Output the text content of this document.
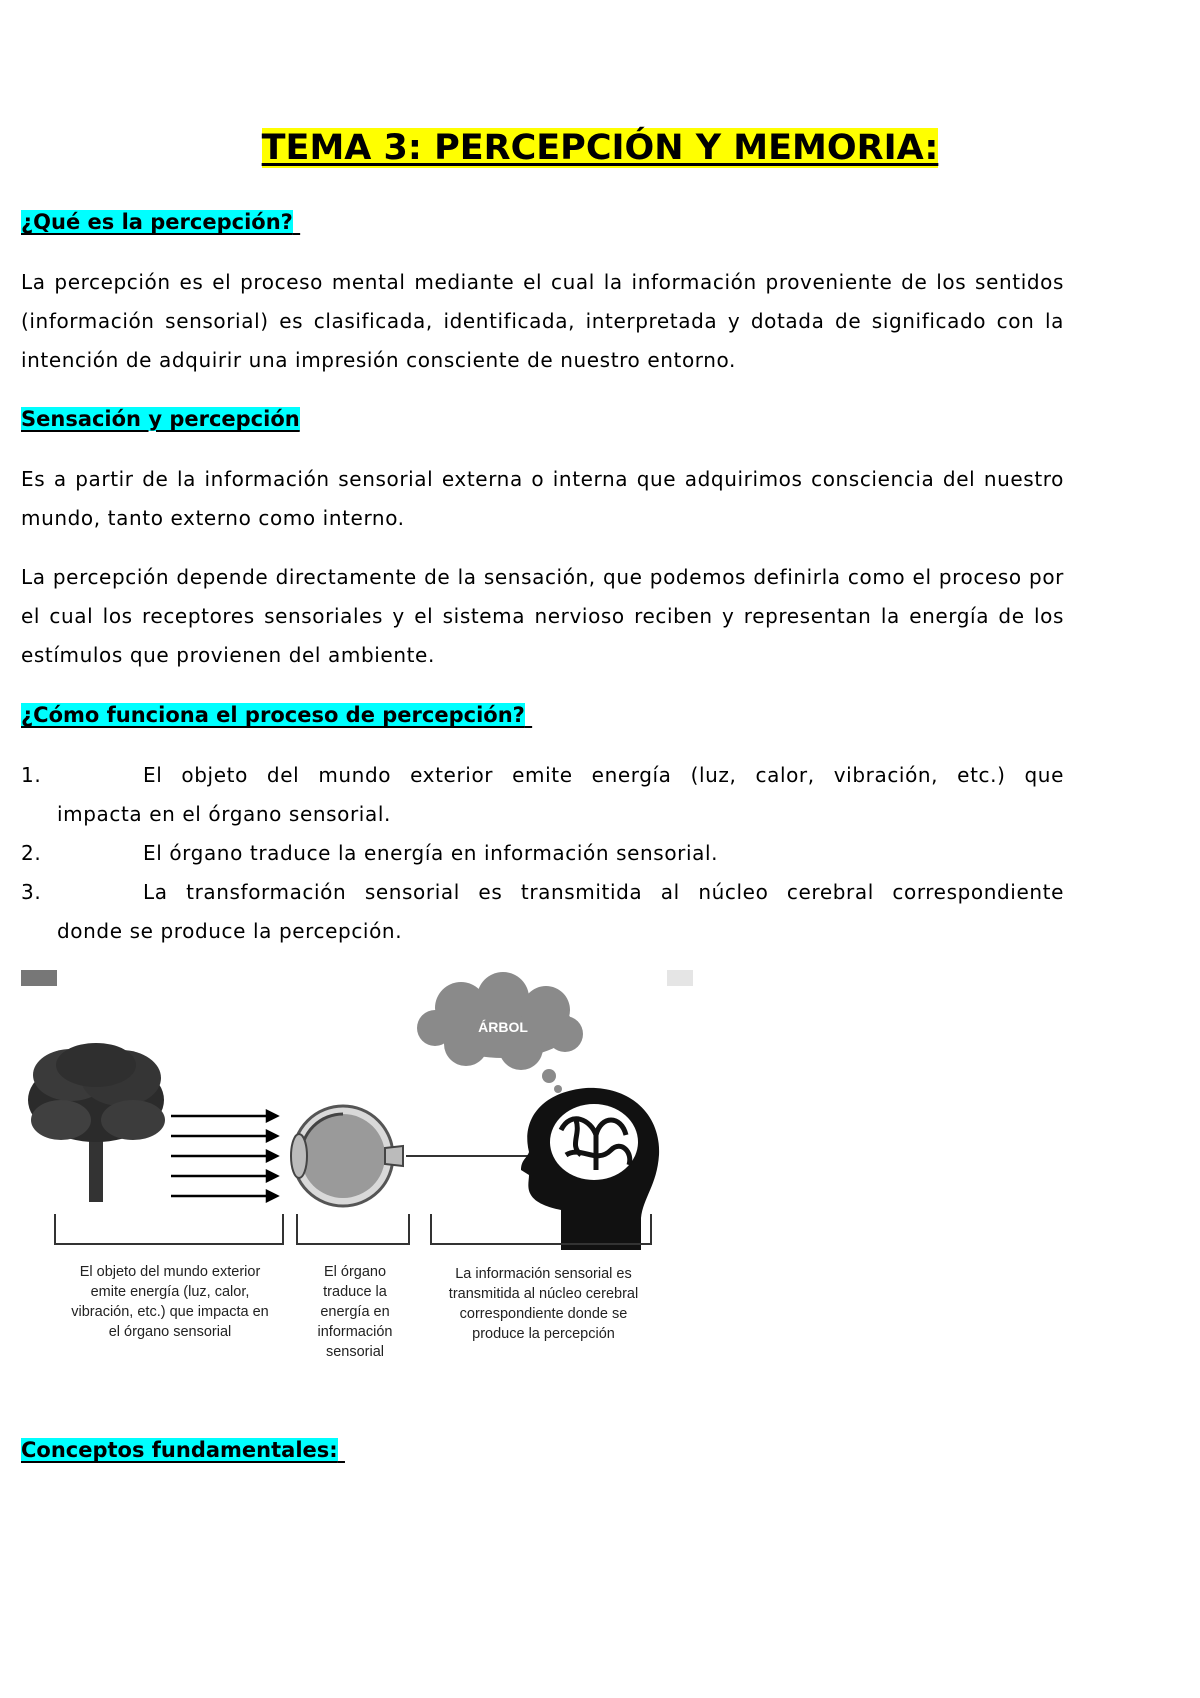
TEMA 3: PERCEPCIÓN Y MEMORIA:
¿Qué es la percepción?

La percepción es el proceso mental mediante el cual la información proveniente de los sentidos (información sensorial) es clasificada, identificada, interpretada y dotada de significado con la intención de adquirir una impresión consciente de nuestro entorno.

Sensación y percepción

Es a partir de la información sensorial externa o interna que adquirimos consciencia del nuestro mundo, tanto externo como interno.

La percepción depende directamente de la sensación, que podemos definirla como el proceso por el cual los receptores sensoriales y el sistema nervioso reciben y representan la energía de los estímulos que provienen del ambiente.

¿Cómo funciona el proceso de percepción?
1.	El objeto del mundo exterior emite energía (luz, calor, vibración, etc.) que
impacta en el órgano sensorial.
2.	El órgano traduce la energía en información sensorial.
3.	La transformación sensorial es transmitida al núcleo cerebral correspondiente
donde se produce la percepción.
ÁRBOL
El objeto del mundo exterior emite energía (luz, calor, vibración, etc.) que impacta en el órgano sensorial
El órgano traduce la energía en información sensorial
La información sensorial es transmitida al núcleo cerebral correspondiente donde se produce la percepción
Conceptos fundamentales:
